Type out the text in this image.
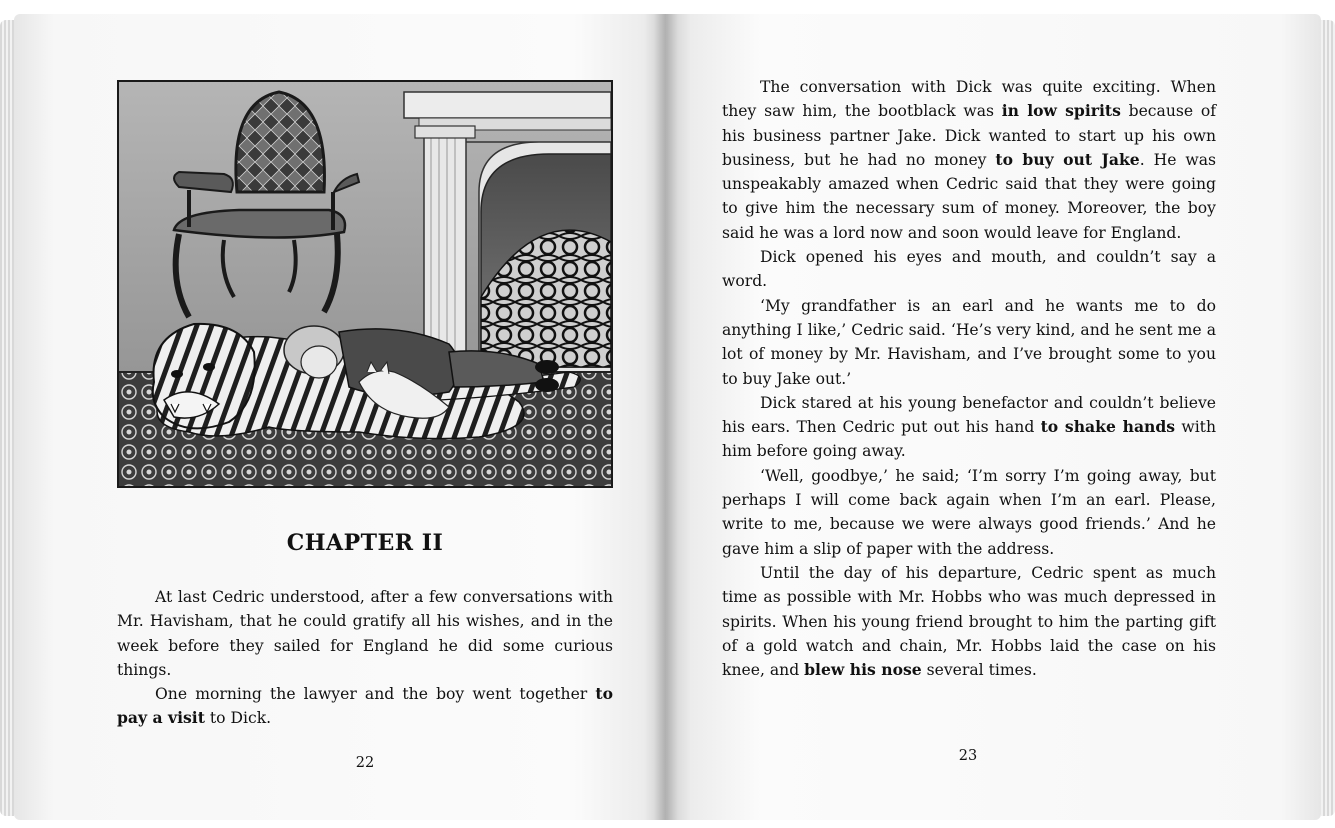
CHAPTER II

At last Cedric understood, after a few conversations with Mr. Havisham, that he could gratify all his wishes, and in the week before they sailed for England he did some curious things.

One morning the lawyer and the boy went together to pay a visit to Dick.

22

The conversation with Dick was quite exciting. When they saw him, the bootblack was in low spirits because of his business partner Jake. Dick wanted to start up his own business, but he had no money to buy out Jake. He was unspeakably amazed when Cedric said that they were going to give him the necessary sum of money. Moreover, the boy said he was a lord now and soon would leave for England.

Dick opened his eyes and mouth, and couldn’t say a word.

‘My grandfather is an earl and he wants me to do anything I like,’ Cedric said. ‘He’s very kind, and he sent me a lot of money by Mr. Havisham, and I’ve brought some to you to buy Jake out.’

Dick stared at his young benefactor and couldn’t believe his ears. Then Cedric put out his hand to shake hands with him before going away.

‘Well, goodbye,’ he said; ‘I’m sorry I’m going away, but perhaps I will come back again when I’m an earl. Please, write to me, because we were always good friends.’ And he gave him a slip of paper with the address.

Until the day of his departure, Cedric spent as much time as possible with Mr. Hobbs who was much depressed in spirits. When his young friend brought to him the parting gift of a gold watch and chain, Mr. Hobbs laid the case on his knee, and blew his nose several times.

23
